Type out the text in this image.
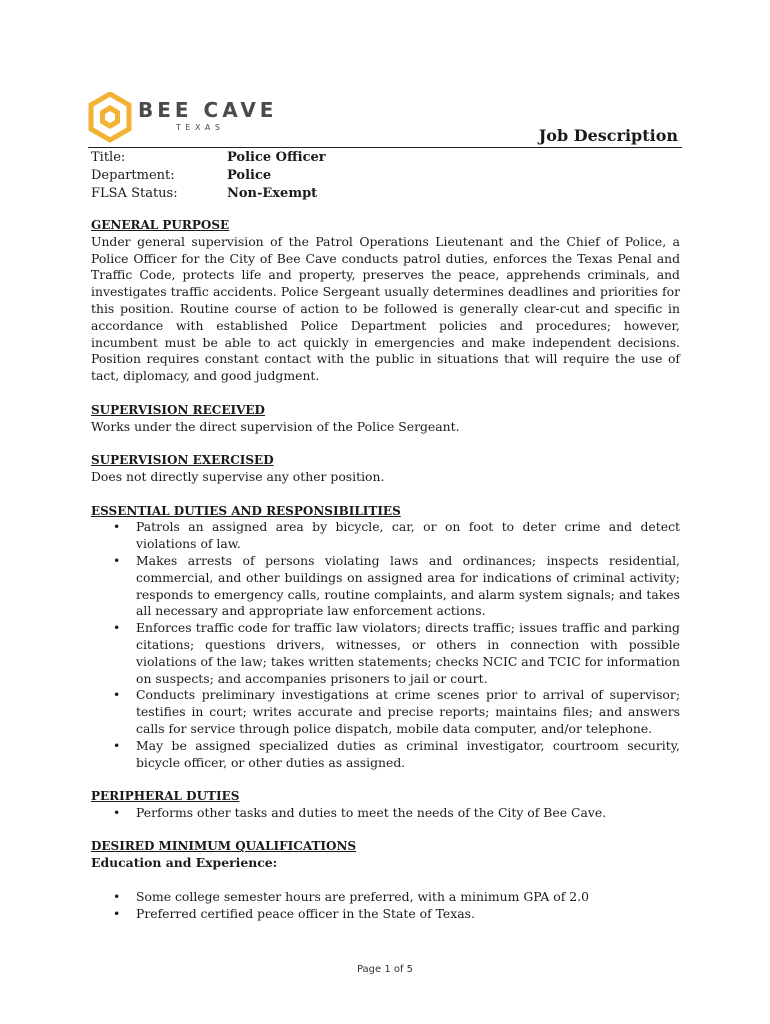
BEE CAVE
TEXAS	Job Description
Title:	Police Officer
Department:	Police
FLSA Status:	Non-Exempt

GENERAL PURPOSE

Under general supervision of the Patrol Operations Lieutenant and the Chief of Police, a Police Officer for the City of Bee Cave conducts patrol duties, enforces the Texas Penal and Traffic Code, protects life and property, preserves the peace, apprehends criminals, and investigates traffic accidents. Police Sergeant usually determines deadlines and priorities for this position. Routine course of action to be followed is generally clear-cut and specific in accordance with established Police Department policies and procedures; however, incumbent must be able to act quickly in emergencies and make independent decisions. Position requires constant contact with the public in situations that will require the use of tact, diplomacy, and good judgment.

SUPERVISION RECEIVED

Works under the direct supervision of the Police Sergeant.

SUPERVISION EXERCISED

Does not directly supervise any other position.

ESSENTIAL DUTIES AND RESPONSIBILITIES

• Patrols an assigned area by bicycle, car, or on foot to deter crime and detect violations of law.
• Makes arrests of persons violating laws and ordinances; inspects residential, commercial, and other buildings on assigned area for indications of criminal activity; responds to emergency calls, routine complaints, and alarm system signals; and takes all necessary and appropriate law enforcement actions.
• Enforces traffic code for traffic law violators; directs traffic; issues traffic and parking citations; questions drivers, witnesses, or others in connection with possible violations of the law; takes written statements; checks NCIC and TCIC for information on suspects; and accompanies prisoners to jail or court.
• Conducts preliminary investigations at crime scenes prior to arrival of supervisor; testifies in court; writes accurate and precise reports; maintains files; and answers calls for service through police dispatch, mobile data computer, and/or telephone.
• May be assigned specialized duties as criminal investigator, courtroom security, bicycle officer, or other duties as assigned.

PERIPHERAL DUTIES

• Performs other tasks and duties to meet the needs of the City of Bee Cave.

DESIRED MINIMUM QUALIFICATIONS

Education and Experience:

• Some college semester hours are preferred, with a minimum GPA of 2.0
• Preferred certified peace officer in the State of Texas.
Page 1 of 5
